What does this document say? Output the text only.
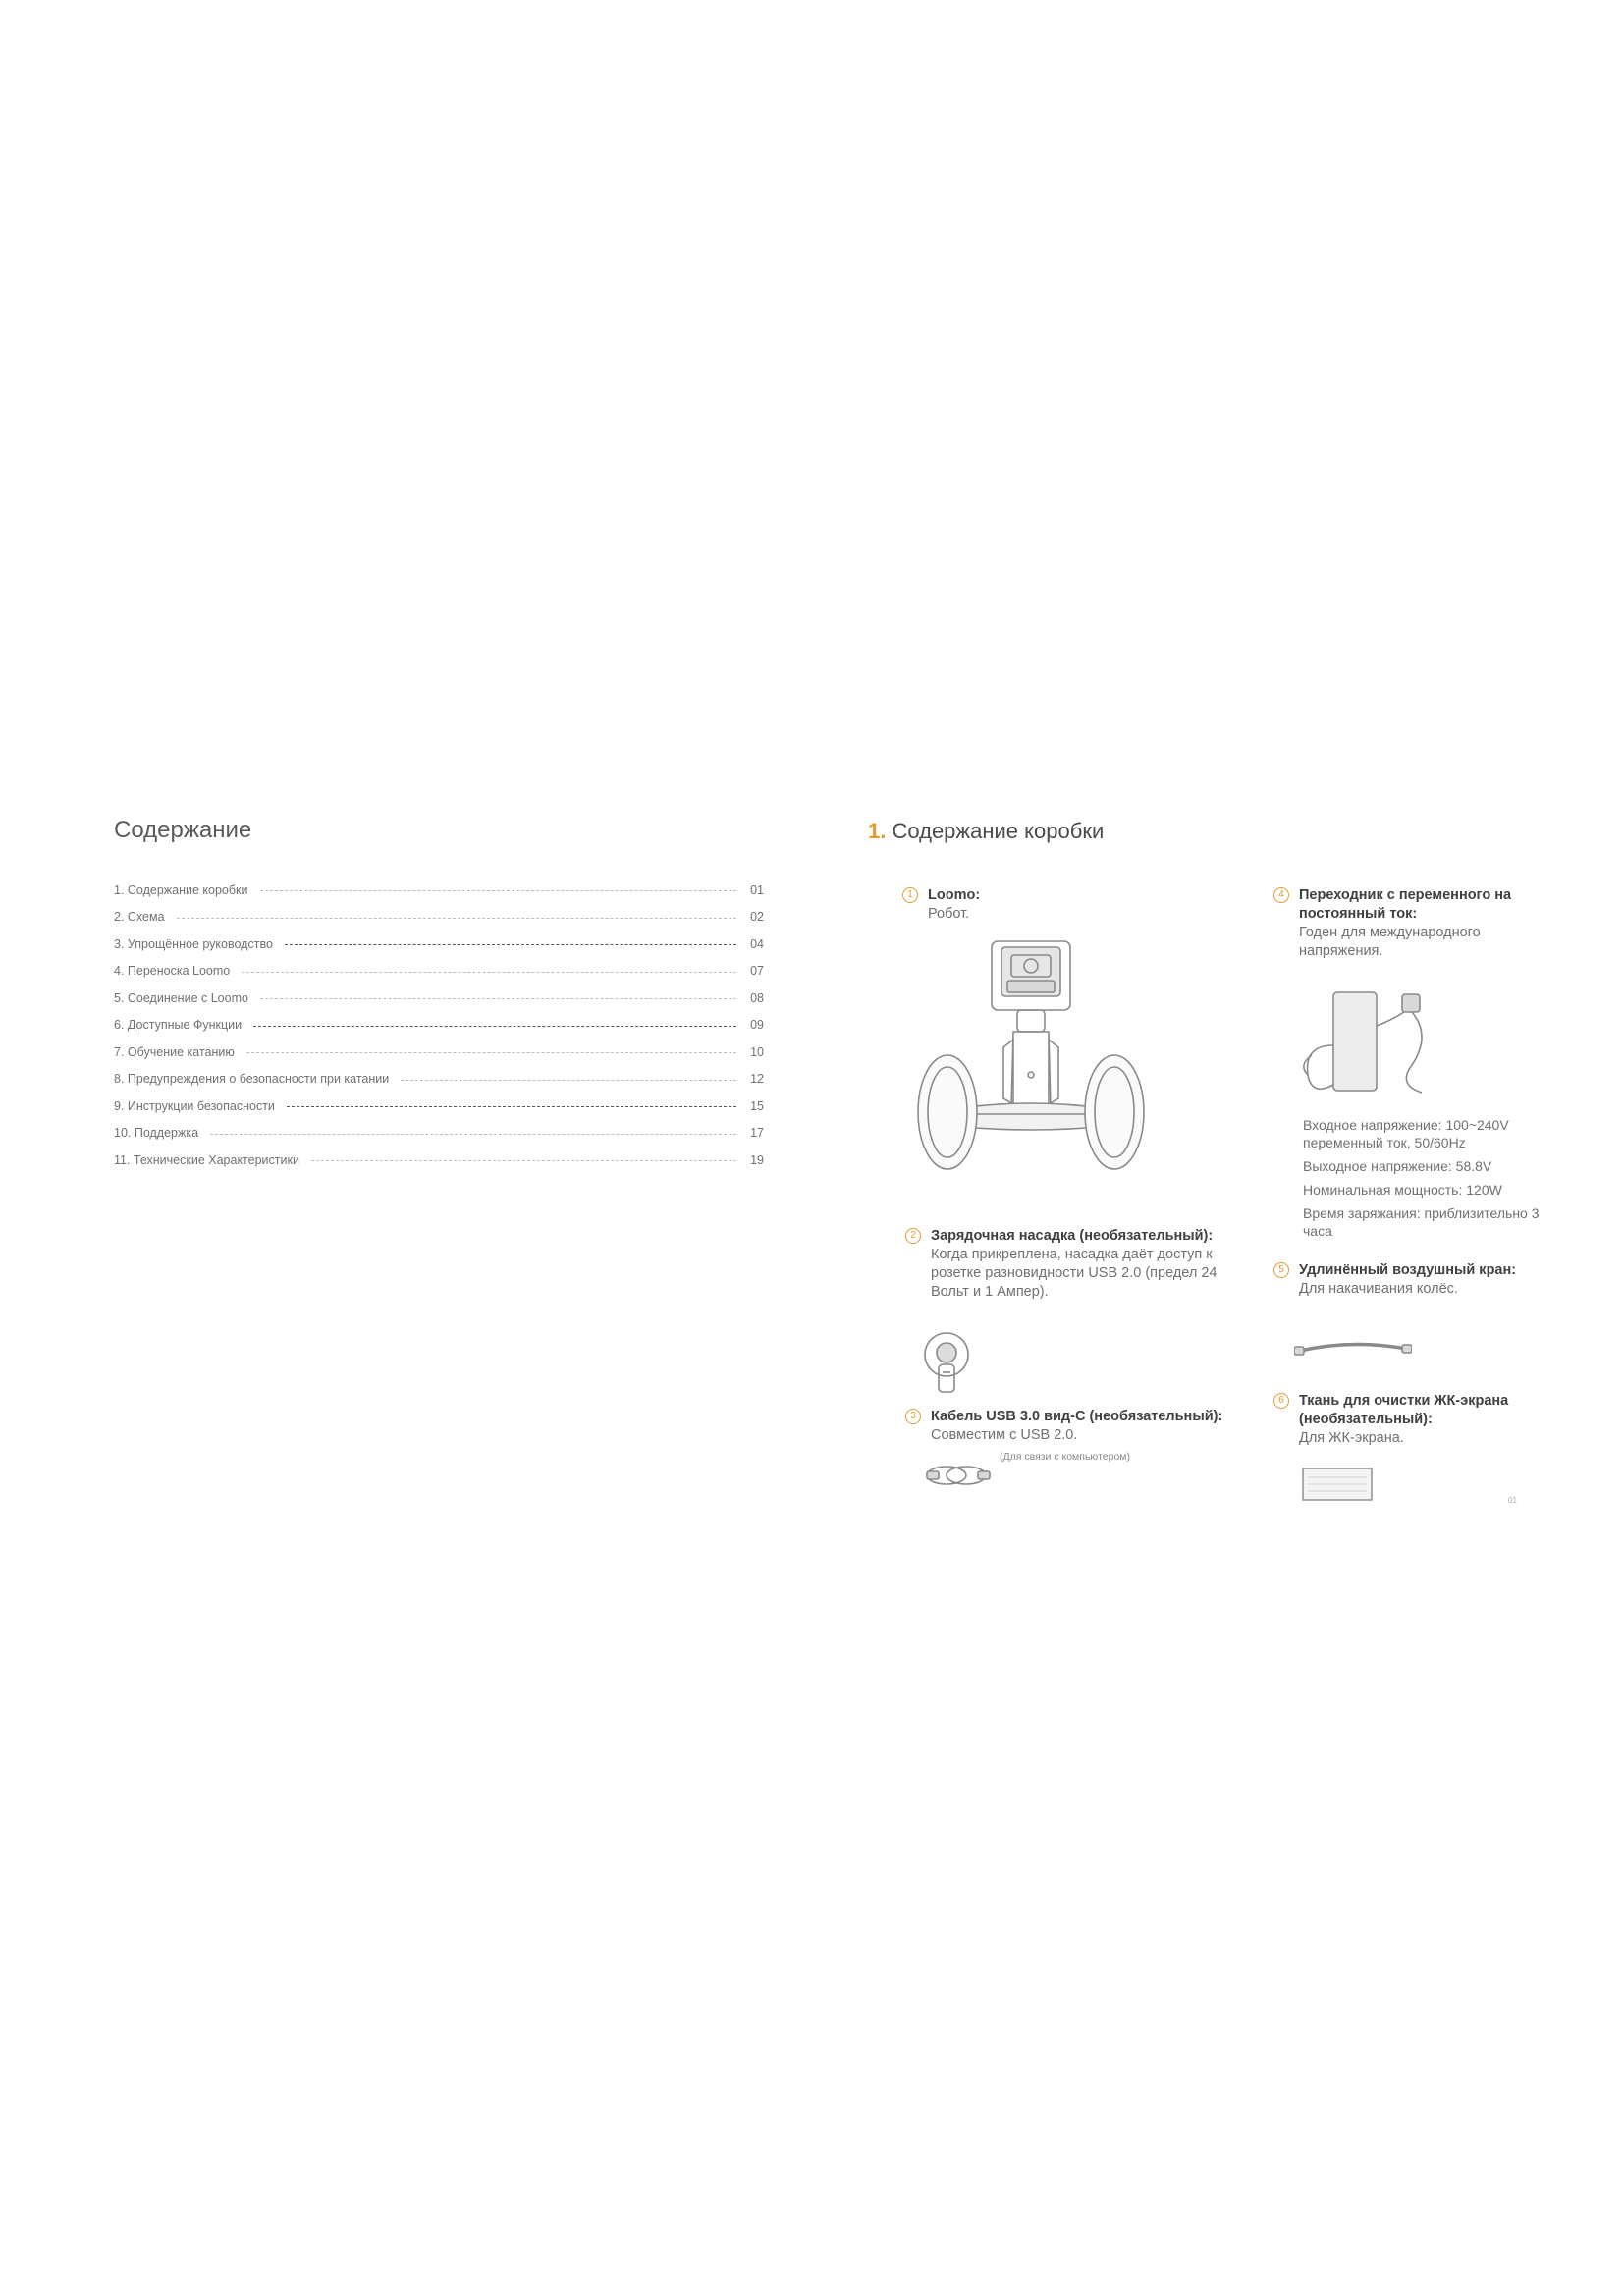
Содержание
1. Содержание коробки	01
2. Схема	02
3. Упрощённое руководство	04
4. Переноска Loomo	07
5. Соединение с Loomo	08
6. Доступные Функции	09
7. Обучение катанию	10
8. Предупреждения о безопасности при катании	12
9. Инструкции безопасности	15
10. Поддержка	17
11. Технические Характеристики	19
1. Содержание коробки
1	Loomo:

Робот.

2	Зарядочная насадка (необязательный):

Когда прикреплена, насадка даёт доступ к розетке разновидности USB 2.0 (предел 24 Вольт и 1 Ампер).

3	Кабель USB 3.0 вид-С (необязательный):

Совместим с USB 2.0.

(Для связи с компьютером)
4	Переходник с переменного на постоянный ток:

Годен для международного напряжения.

Входное напряжение: 100~240V переменный ток, 50/60Hz

Выходное напряжение: 58.8V

Номинальная мощность: 120W

Время заряжания: приблизительно 3 часа

5	Удлинённый воздушный кран:

Для накачивания колёс.

6	Ткань для очистки ЖК-экрана (необязательный):

Для ЖК-экрана.

01
